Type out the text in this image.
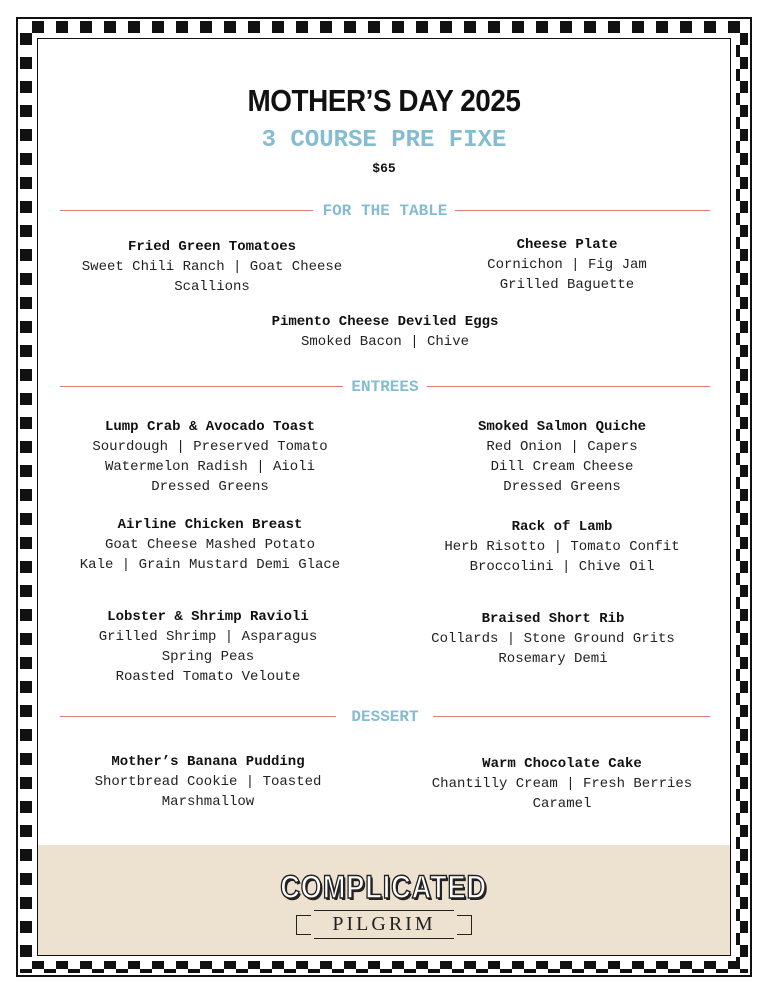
MOTHER’S DAY 2025
3 COURSE PRE FIXE
$65
FOR THE TABLE
Fried Green Tomatoes
Sweet Chili Ranch | Goat Cheese
Scallions
Cheese Plate
Cornichon | Fig Jam
Grilled Baguette
Pimento Cheese Deviled Eggs
Smoked Bacon | Chive
ENTREES
Lump Crab & Avocado Toast
Sourdough | Preserved Tomato
Watermelon Radish | Aioli
Dressed Greens
Smoked Salmon Quiche
Red Onion | Capers
Dill Cream Cheese
Dressed Greens
Airline Chicken Breast
Goat Cheese Mashed Potato
Kale | Grain Mustard Demi Glace
Rack of Lamb
Herb Risotto | Tomato Confit
Broccolini | Chive Oil
Lobster & Shrimp Ravioli
Grilled Shrimp | Asparagus
Spring Peas
Roasted Tomato Veloute
Braised Short Rib
Collards | Stone Ground Grits
Rosemary Demi
DESSERT
Mother’s Banana Pudding
Shortbread Cookie | Toasted
Marshmallow
Warm Chocolate Cake
Chantilly Cream | Fresh Berries
Caramel
COMPLICATED
PILGRIM
